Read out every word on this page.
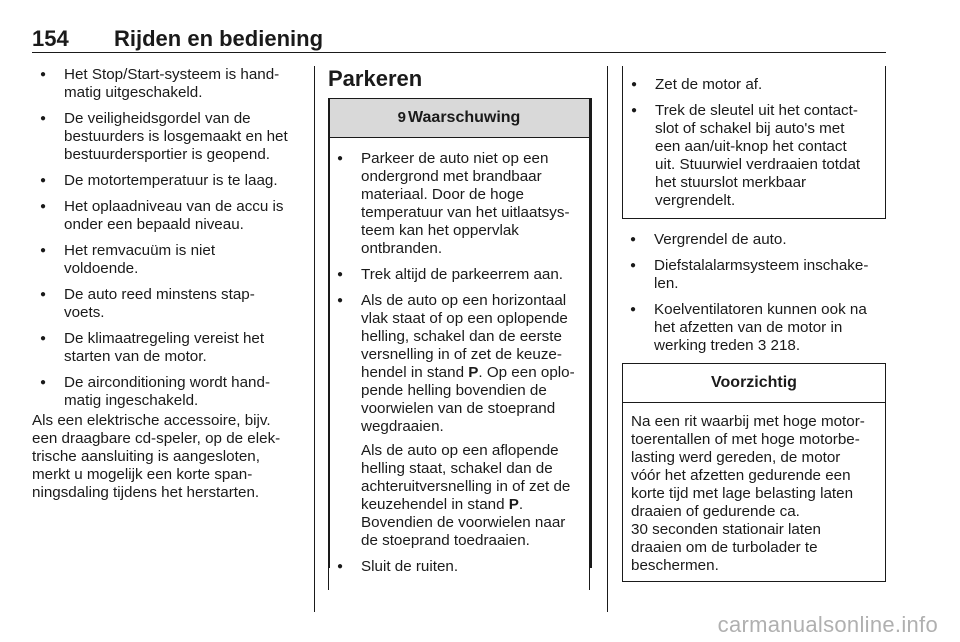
154 Rijden en bediening
● Het Stop/Start-systeem is hand-
matig uitgeschakeld.
● De veiligheidsgordel van de
bestuurders is losgemaakt en het
bestuurdersportier is geopend.
● De motortemperatuur is te laag.
● Het oplaadniveau van de accu is
onder een bepaald niveau.
● Het remvacuüm is niet
voldoende.
● De auto reed minstens stap-
voets.
● De klimaatregeling vereist het
starten van de motor.
● De airconditioning wordt hand-
matig ingeschakeld.

Als een elektrische accessoire, bijv.
een draagbare cd-speler, op de elek-
trische aansluiting is aangesloten,
merkt u mogelijk een korte span-
ningsdaling tijdens het herstarten.

Parkeren
9 Waarschuwing
● Parkeer de auto niet op een
ondergrond met brandbaar
materiaal. Door de hoge
temperatuur van het uitlaatsys-
teem kan het oppervlak
ontbranden.
● Trek altijd de parkeerrem aan.
● Als de auto op een horizontaal
vlak staat of op een oplopende
helling, schakel dan de eerste
versnelling in of zet de keuze-
hendel in stand P. Op een oplo-
pende helling bovendien de
voorwielen van de stoeprand
wegdraaien.
Als de auto op een aflopende
helling staat, schakel dan de
achteruitversnelling in of zet de
keuzehendel in stand P.
Bovendien de voorwielen naar
de stoeprand toedraaien.
● Sluit de ruiten.
● Zet de motor af.
● Trek de sleutel uit het contact-
slot of schakel bij auto's met
een aan/uit-knop het contact
uit. Stuurwiel verdraaien totdat
het stuurslot merkbaar
vergrendelt.
● Vergrendel de auto.
● Diefstalalarmsysteem inschake-
len.
● Koelventilatoren kunnen ook na
het afzetten van de motor in
werking treden 3 218.
Voorzichtig
Na een rit waarbij met hoge motor-
toerentallen of met hoge motorbe-
lasting werd gereden, de motor
vóór het afzetten gedurende een
korte tijd met lage belasting laten
draaien of gedurende ca.
30 seconden stationair laten
draaien om de turbolader te
beschermen.
carmanualsonline.info
